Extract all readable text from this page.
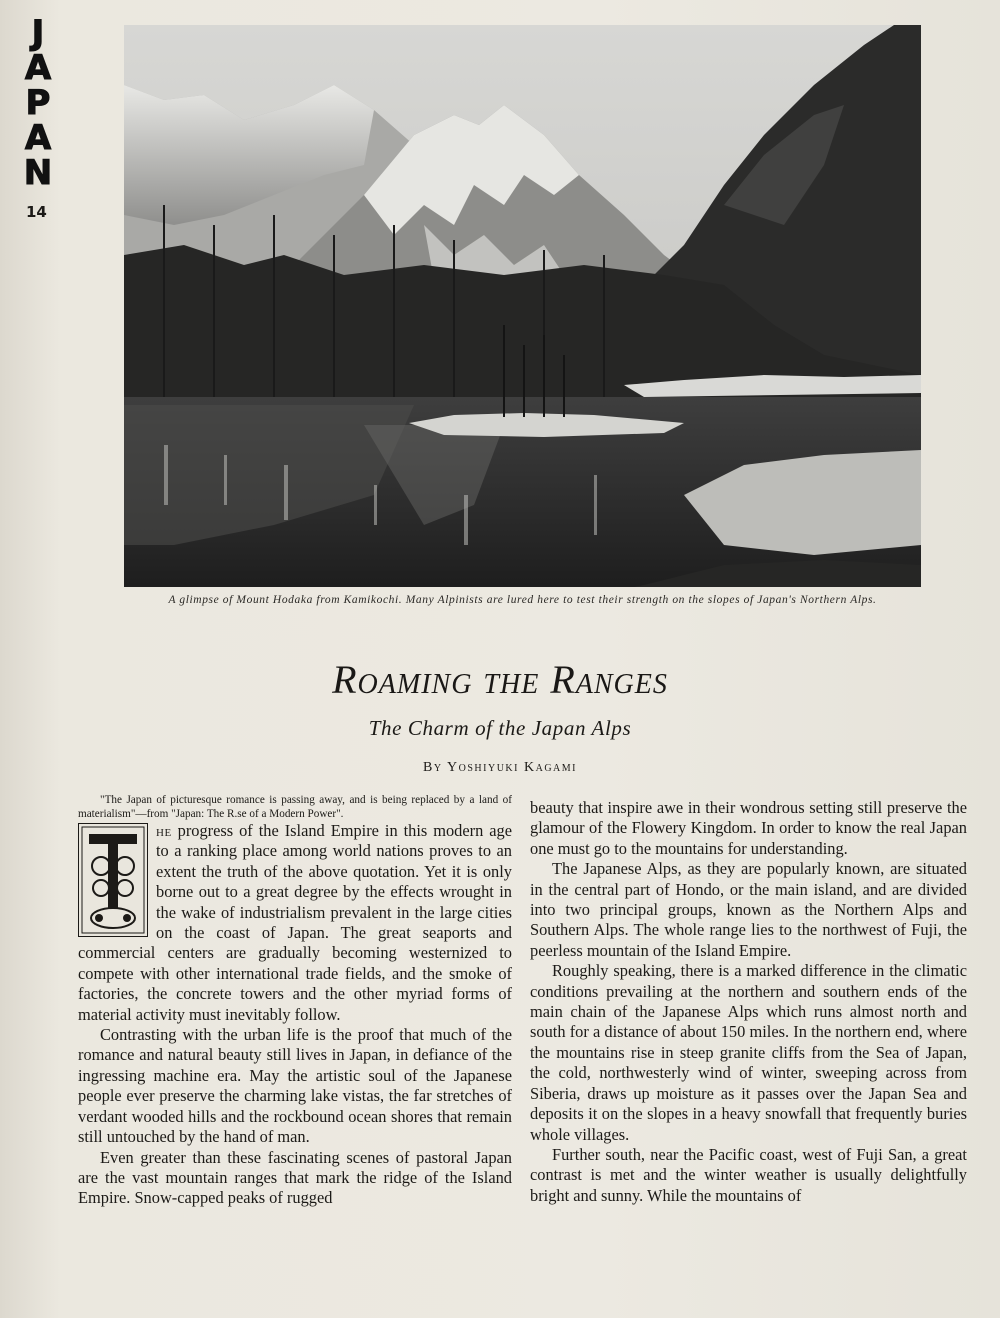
J
A
P
A
N
14
A glimpse of Mount Hodaka from Kamikochi. Many Alpinists are lured here to test their strength on the slopes of Japan's Northern Alps.
Roaming the Ranges
The Charm of the Japan Alps
By Yoshiyuki Kagami

"The Japan of picturesque romance is passing away, and is being replaced by a land of materialism"—from "Japan: The R.se of a Modern Power".

T
he progress of the Island Empire in this modern age to a ranking place among world nations proves to an extent the truth of the above quotation. Yet it is only borne out to a great degree by the effects wrought in the wake of industrialism prevalent in the large cities on the coast of Japan. The great seaports and commercial centers are gradually becoming westernized to compete with other international trade fields, and the smoke of factories, the concrete towers and the other myriad forms of material activity must inevitably follow.

Contrasting with the urban life is the proof that much of the romance and natural beauty still lives in Japan, in defiance of the ingressing machine era. May the artistic soul of the Japanese people ever preserve the charming lake vistas, the far stretches of verdant wooded hills and the rockbound ocean shores that remain still untouched by the hand of man.

Even greater than these fascinating scenes of pastoral Japan are the vast mountain ranges that mark the ridge of the Island Empire. Snow-capped peaks of rugged

beauty that inspire awe in their wondrous setting still preserve the glamour of the Flowery Kingdom. In order to know the real Japan one must go to the mountains for understanding.

The Japanese Alps, as they are popularly known, are situated in the central part of Hondo, or the main island, and are divided into two principal groups, known as the Northern Alps and Southern Alps. The whole range lies to the northwest of Fuji, the peerless mountain of the Island Empire.

Roughly speaking, there is a marked difference in the climatic conditions prevailing at the northern and southern ends of the main chain of the Japanese Alps which runs almost north and south for a distance of about 150 miles. In the northern end, where the mountains rise in steep granite cliffs from the Sea of Japan, the cold, northwesterly wind of winter, sweeping across from Siberia, draws up moisture as it passes over the Japan Sea and deposits it on the slopes in a heavy snowfall that frequently buries whole villages.

Further south, near the Pacific coast, west of Fuji San, a great contrast is met and the winter weather is usually delightfully bright and sunny. While the mountains of
